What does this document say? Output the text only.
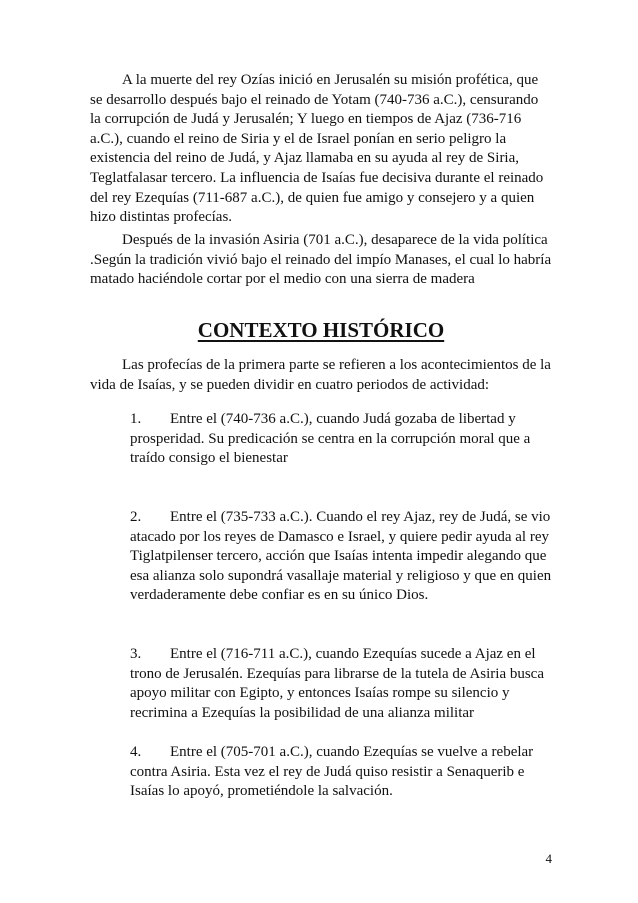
A la muerte del rey Ozías inició en Jerusalén su misión profética, que se desarrollo después bajo el reinado de Yotam (740-736 a.C.), censurando la corrupción de Judá y Jerusalén; Y luego en tiempos de Ajaz (736-716 a.C.), cuando el reino de Siria y el de Israel ponían en serio peligro la existencia del reino de Judá, y Ajaz llamaba en su ayuda al rey de Siria, Teglatfalasar tercero. La influencia de Isaías fue decisiva durante el reinado del rey Ezequías (711-687 a.C.), de quien fue amigo y consejero y a quien hizo distintas profecías.

Después de la invasión Asiria (701 a.C.), desaparece de la vida política .Según la tradición vivió bajo el reinado del impío Manases, el cual lo habría matado haciéndole cortar por el medio con una sierra de madera

CONTEXTO HISTÓRICO

Las profecías de la primera parte se refieren a los acontecimientos de la vida de Isaías, y se pueden dividir en cuatro periodos de actividad:

1. Entre el (740-736 a.C.), cuando Judá gozaba de libertad y prosperidad. Su predicación se centra en la corrupción moral que a traído consigo el bienestar

2. Entre el (735-733 a.C.). Cuando el rey Ajaz, rey de Judá, se vio atacado por los reyes de Damasco e Israel, y quiere pedir ayuda al rey Tiglatpilenser tercero, acción que Isaías intenta impedir alegando que esa alianza solo supondrá vasallaje material y religioso y que en quien verdaderamente debe confiar es en su único Dios.

3. Entre el (716-711 a.C.), cuando Ezequías sucede a Ajaz en el trono de Jerusalén. Ezequías para librarse de la tutela de Asiria busca apoyo militar con Egipto, y entonces Isaías rompe su silencio y recrimina a Ezequías la posibilidad de una alianza militar

4. Entre el (705-701 a.C.), cuando Ezequías se vuelve a rebelar contra Asiria. Esta vez el rey de Judá quiso resistir a Senaquerib e Isaías lo apoyó, prometiéndole la salvación.

4
